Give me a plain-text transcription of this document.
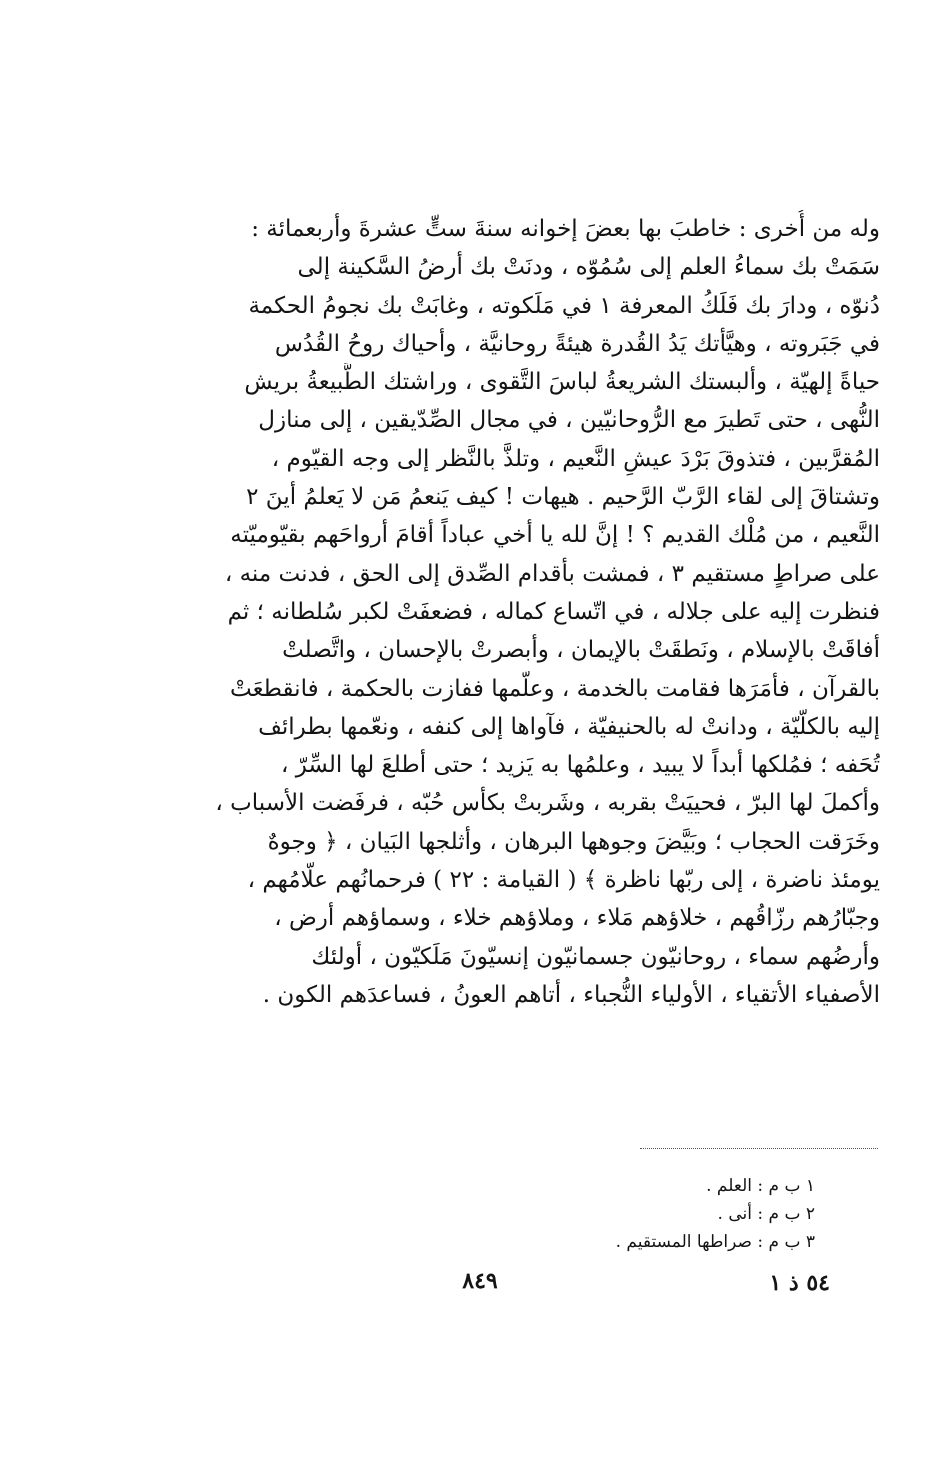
وله من أُخرى : خاطبَ بها بعضَ إخوانه سنةَ ستٍّ عشرةَ وأربعمائة :
سَمَتْ بك سماءُ العلم إلى سُمُوّه ، ودنَتْ بك أرضُ السَّكينة إلى
دُنوّه ، ودارَ بك فَلَكُ المعرفة ١ في مَلَكوته ، وغابَتْ بك نجومُ الحكمة
في جَبَروته ، وهيَّأتك يَدُ القُدرة هيئةً روحانيَّة ، وأحياك روحُ القُدُس
حياةً إلهيّة ، وألبستك الشريعةُ لباسَ التَّقوى ، وراشتك الطَّبيعةُ بريش
النُّهى ، حتى تَطيرَ مع الرُّوحانيّين ، في مجال الصِّدّيقين ، إلى منازل
المُقرَّبين ، فتذوقَ بَرْدَ عيشِ النَّعيم ، وتلذَّ بالنَّظر إلى وجه القيّوم ،
وتشتاقَ إلى لقاء الرَّبّ الرَّحيم . هيهات ! كيف يَنعمُ مَن لا يَعلمُ أينَ ٢
النَّعيم ، من مُلْك القديم ؟ ! إنَّ لله يا أخي عباداً أقامَ أرواحَهم بقيّوميّته
على صراطٍ مستقيم ٣ ، فمشت بأقدام الصِّدق إلى الحق ، فدنت منه ،
فنظرت إليه على جلاله ، في اتّساع كماله ، فضعفَتْ لكبر سُلطانه ؛ ثم
أفاقَتْ بالإسلام ، ونَطقَتْ بالإيمان ، وأبصرتْ بالإحسان ، واتَّصلتْ
بالقرآن ، فأمَرَها فقامت بالخدمة ، وعلّمها ففازت بالحكمة ، فانقطعَتْ
إليه بالكلّيّة ، ودانتْ له بالحنيفيّة ، فآواها إلى كنفه ، ونعّمها بطرائف
تُحَفه ؛ فمُلكها أبداً لا يبيد ، وعلمُها به يَزيد ؛ حتى أطلعَ لها السِّرّ ،
وأكملَ لها البرّ ، فحييَتْ بقربه ، وشَربتْ بكأس حُبّه ، فرفَضت الأسباب ،
وخَرَقت الحجاب ؛ وبَيَّضَ وجوهها البرهان ، وأثلجها البَيان ، ﴿ وجوهٌ
يومئذ ناضرة ، إلى ربّها ناظرة ﴾ ( القيامة : ٢٢ ) فرحمانُهم علّامُهم ،
وجبّارُهم رزّاقُهم ، خلاؤهم مَلاء ، وملاؤهم خلاء ، وسماؤهم أرض ،
وأرضُهم سماء ، روحانيّون جسمانيّون إنسيّونَ مَلَكيّون ، أولئك
الأصفياء الأتقياء ، الأولياء النُّجباء ، أتاهم العونُ ، فساعدَهم الكون .
١ ب م : العلم .
٢ ب م : أنى .
٣ ب م : صراطها المستقيم .
٨٤٩	٥٤ ذ ١
